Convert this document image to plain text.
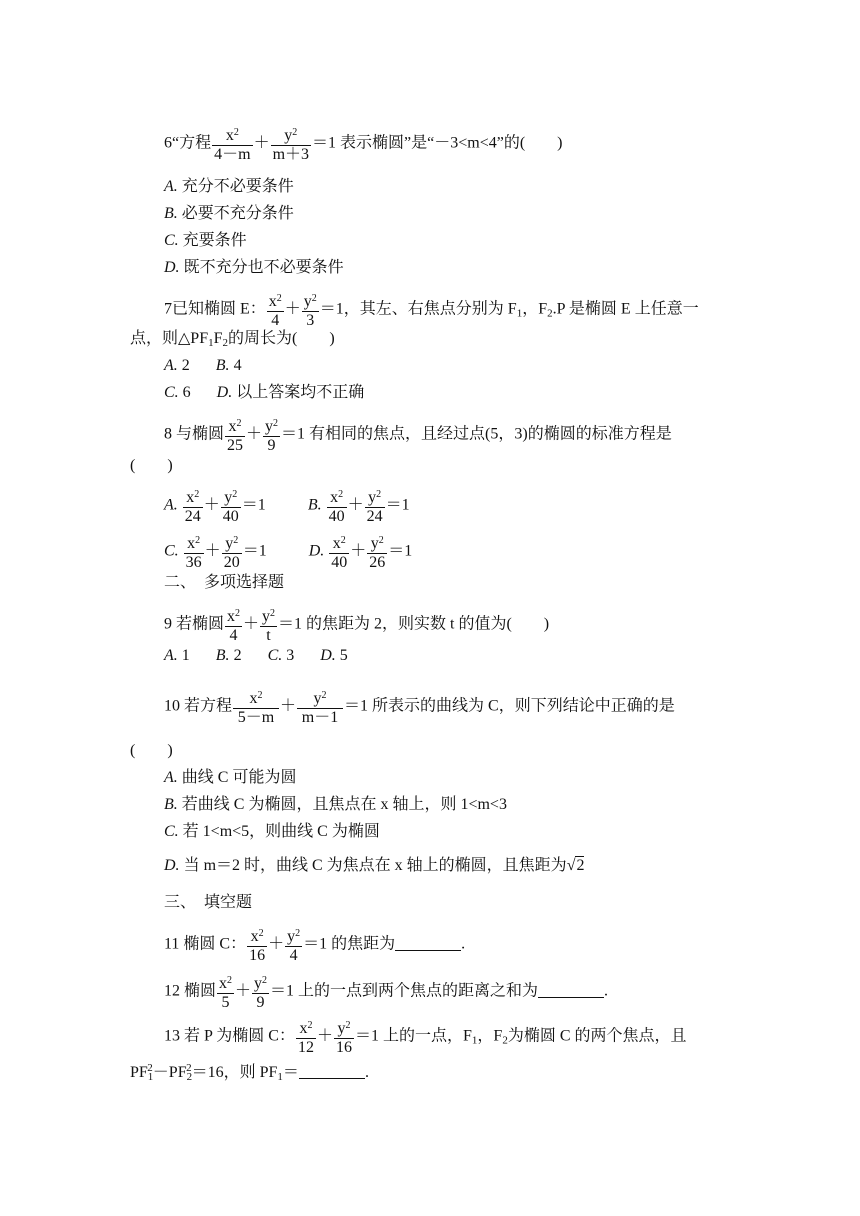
6“方程 $\frac{x^2}{4-m} + \frac{y^2}{m+3} =1$ 表示椭圆”是“－3<m<4”的(　　)
A. 充分不必要条件
B. 必要不充分条件
C. 充要条件
D. 既不充分也不必要条件
7已知椭圆 E： $\frac{x^2}{4} + \frac{y^2}{3} =1$，其左、右焦点分别为 $F_1$，$F_2.P$ 是椭圆 E 上任意一
点，则$\triangle PF_1F_2$的周长为(　　)
A. 2 B. 4
C. 6 D. 以上答案均不正确
8 与椭圆 $\frac{x^2}{25} + \frac{y^2}{9} =1$ 有相同的焦点，且经过点(5，3)的椭圆的标准方程是
(　　)
A. $\frac{x^2}{24} + \frac{y^2}{40} =1$	B. $\frac{x^2}{40} + \frac{y^2}{24} =1$
C. $\frac{x^2}{36} + \frac{y^2}{20} =1$	D. $\frac{x^2}{40} + \frac{y^2}{26} =1$
二、　多项选择题
9 若椭圆 $\frac{x^2}{4} + \frac{y^2}{t} =1$ 的焦距为 2，则实数 t 的值为(　　)
A. 1 B. 2 C. 3 D. 5
10 若方程 $\frac{x^2}{5-m} + \frac{y^2}{m-1} =1$ 所表示的曲线为 C，则下列结论中正确的是
(　　)
A. 曲线 C 可能为圆
B. 若曲线 C 为椭圆，且焦点在 x 轴上，则 1<m<3
C. 若 1<m<5，则曲线 C 为椭圆
D. 当 m＝2 时，曲线 C 为焦点在 x 轴上的椭圆，且焦距为√2
三、　填空题
11 椭圆 C： $\frac{x^2}{16} + \frac{y^2}{4} =1$ 的焦距为	.
12 椭圆 $\frac{x^2}{5} + \frac{y^2}{9} =1$ 上的一点到两个焦点的距离之和为	.
13 若 P 为椭圆 C： $\frac{x^2}{12} + \frac{y^2}{16} =1$ 上的一点，$F_1$，$F_2$为椭圆 C 的两个焦点，且
$PF_1^2-PF_2^2=16$，则 $PF_1=$	.
